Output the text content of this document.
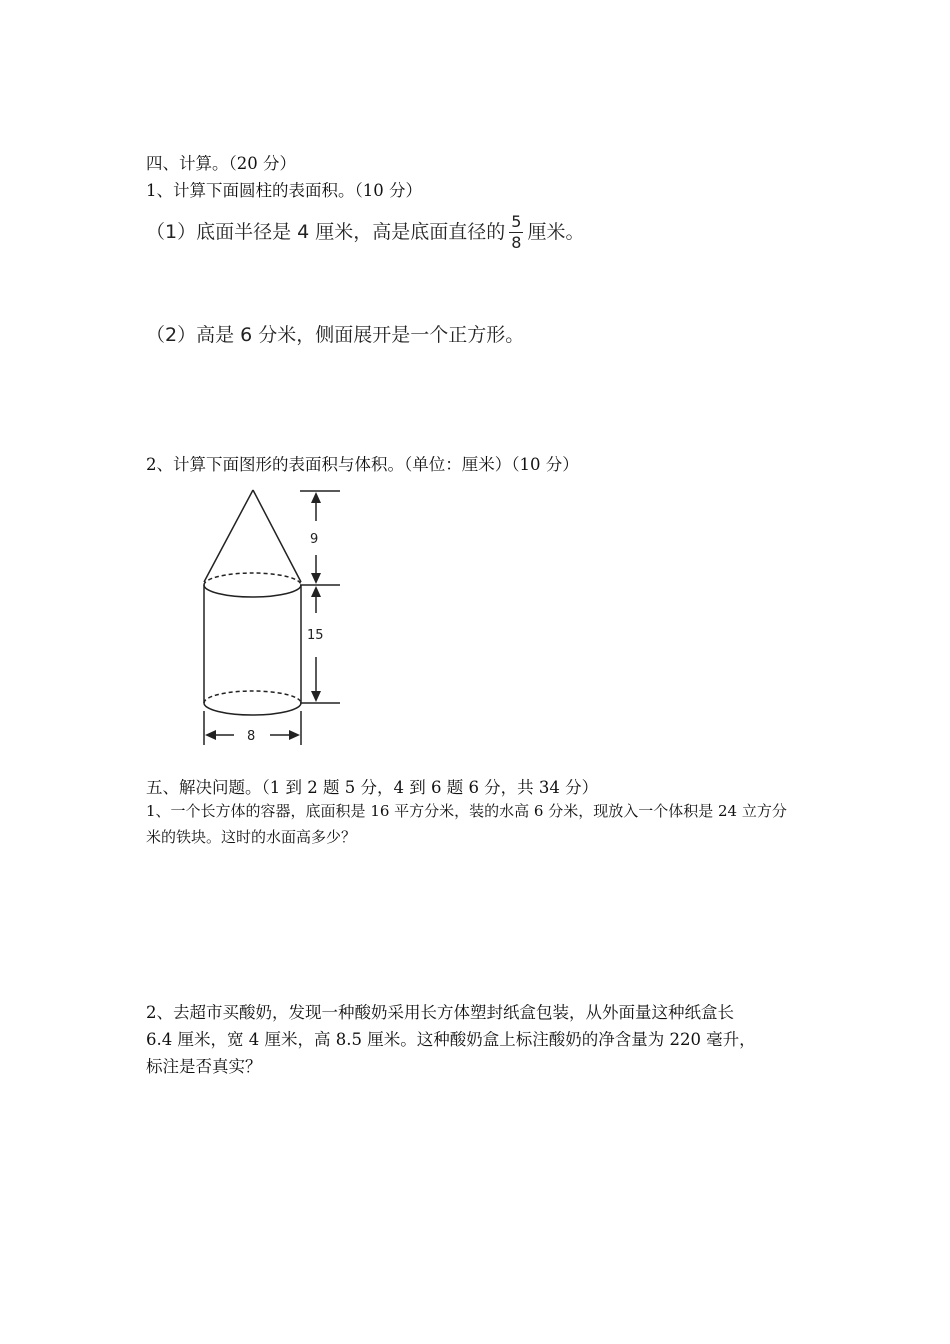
四、计算。（20 分）
1、计算下面圆柱的表面积。（10 分）
（1）底面半径是 4 厘米，高是底面直径的 $\frac{5}{8}$ 厘米。
（2）高是 6 分米，侧面展开是一个正方形。
2、计算下面图形的表面积与体积。（单位：厘米）（10 分）
9
15
8
五、解决问题。（1 到 2 题 5 分，4 到 6 题 6 分，共 34 分）
1、一个长方体的容器，底面积是 16 平方分米，装的水高 6 分米，现放入一个体积是 24 立方分
米的铁块。这时的水面高多少？
2、去超市买酸奶，发现一种酸奶采用长方体塑封纸盒包装，从外面量这种纸盒长
6.4 厘米，宽 4 厘米，高 8.5 厘米。这种酸奶盒上标注酸奶的净含量为 220 毫升，
标注是否真实？
